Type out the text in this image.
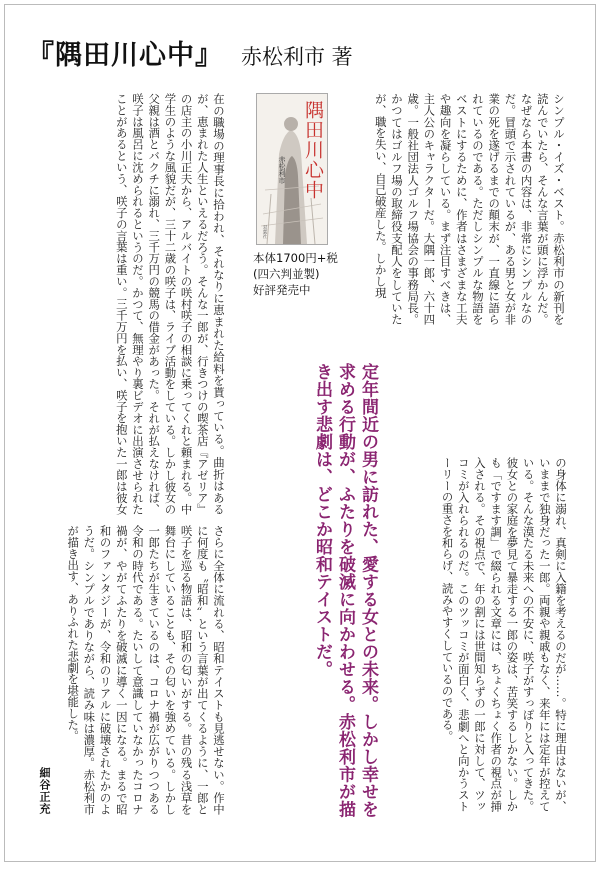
『隅田川心中』 赤松利市 著
シンプル・イズ・ベスト。赤松利市の新刊を読んでいたら、そんな言葉が頭に浮かんだ。なぜなら本書の内容は、非常にシンプルなのだ。冒頭で示されているが、ある男と女が非業の死を遂げるまでの顛末が、一直線に語られているのである。ただしシンプルな物語をベストにするために、作者はさまざまな工夫や趣向を凝らしている。まず注目すべきは、主人公のキャラクターだ。大隅一郎、六十四歳。一般社団法人ゴルフ場協会の事務局長。かつてはゴルフ場の取締役支配人をしていたが、職を失い、自己破産した。しかし現
隅田川心中
赤松利市
双葉社
本体1700円+税
(四六判並製)
好評発売中
在の職場の理事長に拾われ、それなりに恵まれた給料を貰っている。曲折はあるが、恵まれた人生といえるだろう。そんな一郎が、行きつけの喫茶店『アゼリア』の店主の小川正夫から、アルバイトの咲村咲子の相談に乗ってくれと頼まれる。中学生のような風貌だが、三十二歳の咲子は、ライブ活動をしている。しかし彼女の父親は酒とバクチに溺れ、三千万円の競馬の借金があった。それが払えなければ、咲子は風呂に沈められるというのだ。かつて、無理やり裏ビデオに出演させられたことがあるという、咲子の言葉は重い。三千万円を払い、咲子を抱いた一郎は彼女
定年間近の男に訪れた、愛する女との未来。しかし幸せを求める行動が、ふたりを破滅に向かわせる。赤松利市が描き出す悲劇は、どこか昭和テイストだ。	の身体に溺れ、真剣に入籍を考えるのだが……。特に理由はないが、いままで独身だった一郎。両親や親戚もなく、来年には定年が控えている。そんな漠たる未来への不安に、咲子がすっぽりと入ってきた。彼女との家庭を夢見て暴走する一郎の姿は、苦笑するしかない。しかも「ですます調」で綴られる文章には、ちょくちょく作者の視点が挿入される。その視点で、年の割には世間知らずの一郎に対して、ツッコミが入れられるのだ。このツッコミが面白く、悲劇へと向かうストーリーの重さを和らげ、読みやすくしているのである。
さらに全体に流れる、昭和テイストも見逃せない。作中に何度も〝昭和〟という言葉が出てくるように、一郎と咲子を巡る物語は、昭和の匂いがする。昔の残る浅草を舞台にしていることも、その匂いを強めている。しかし一郎たちが生きているのは、コロナ禍が広がりつつある令和の時代である。たいして意識していなかったコロナ禍が、やがてふたりを破滅に導く一因になる。まるで昭和のファンタジーが、令和のリアルに破壊されたかのようだ。シンプルでありながら、読み味は濃厚。赤松利市が描き出す、ありふれた悲劇を堪能した。
細谷正充
